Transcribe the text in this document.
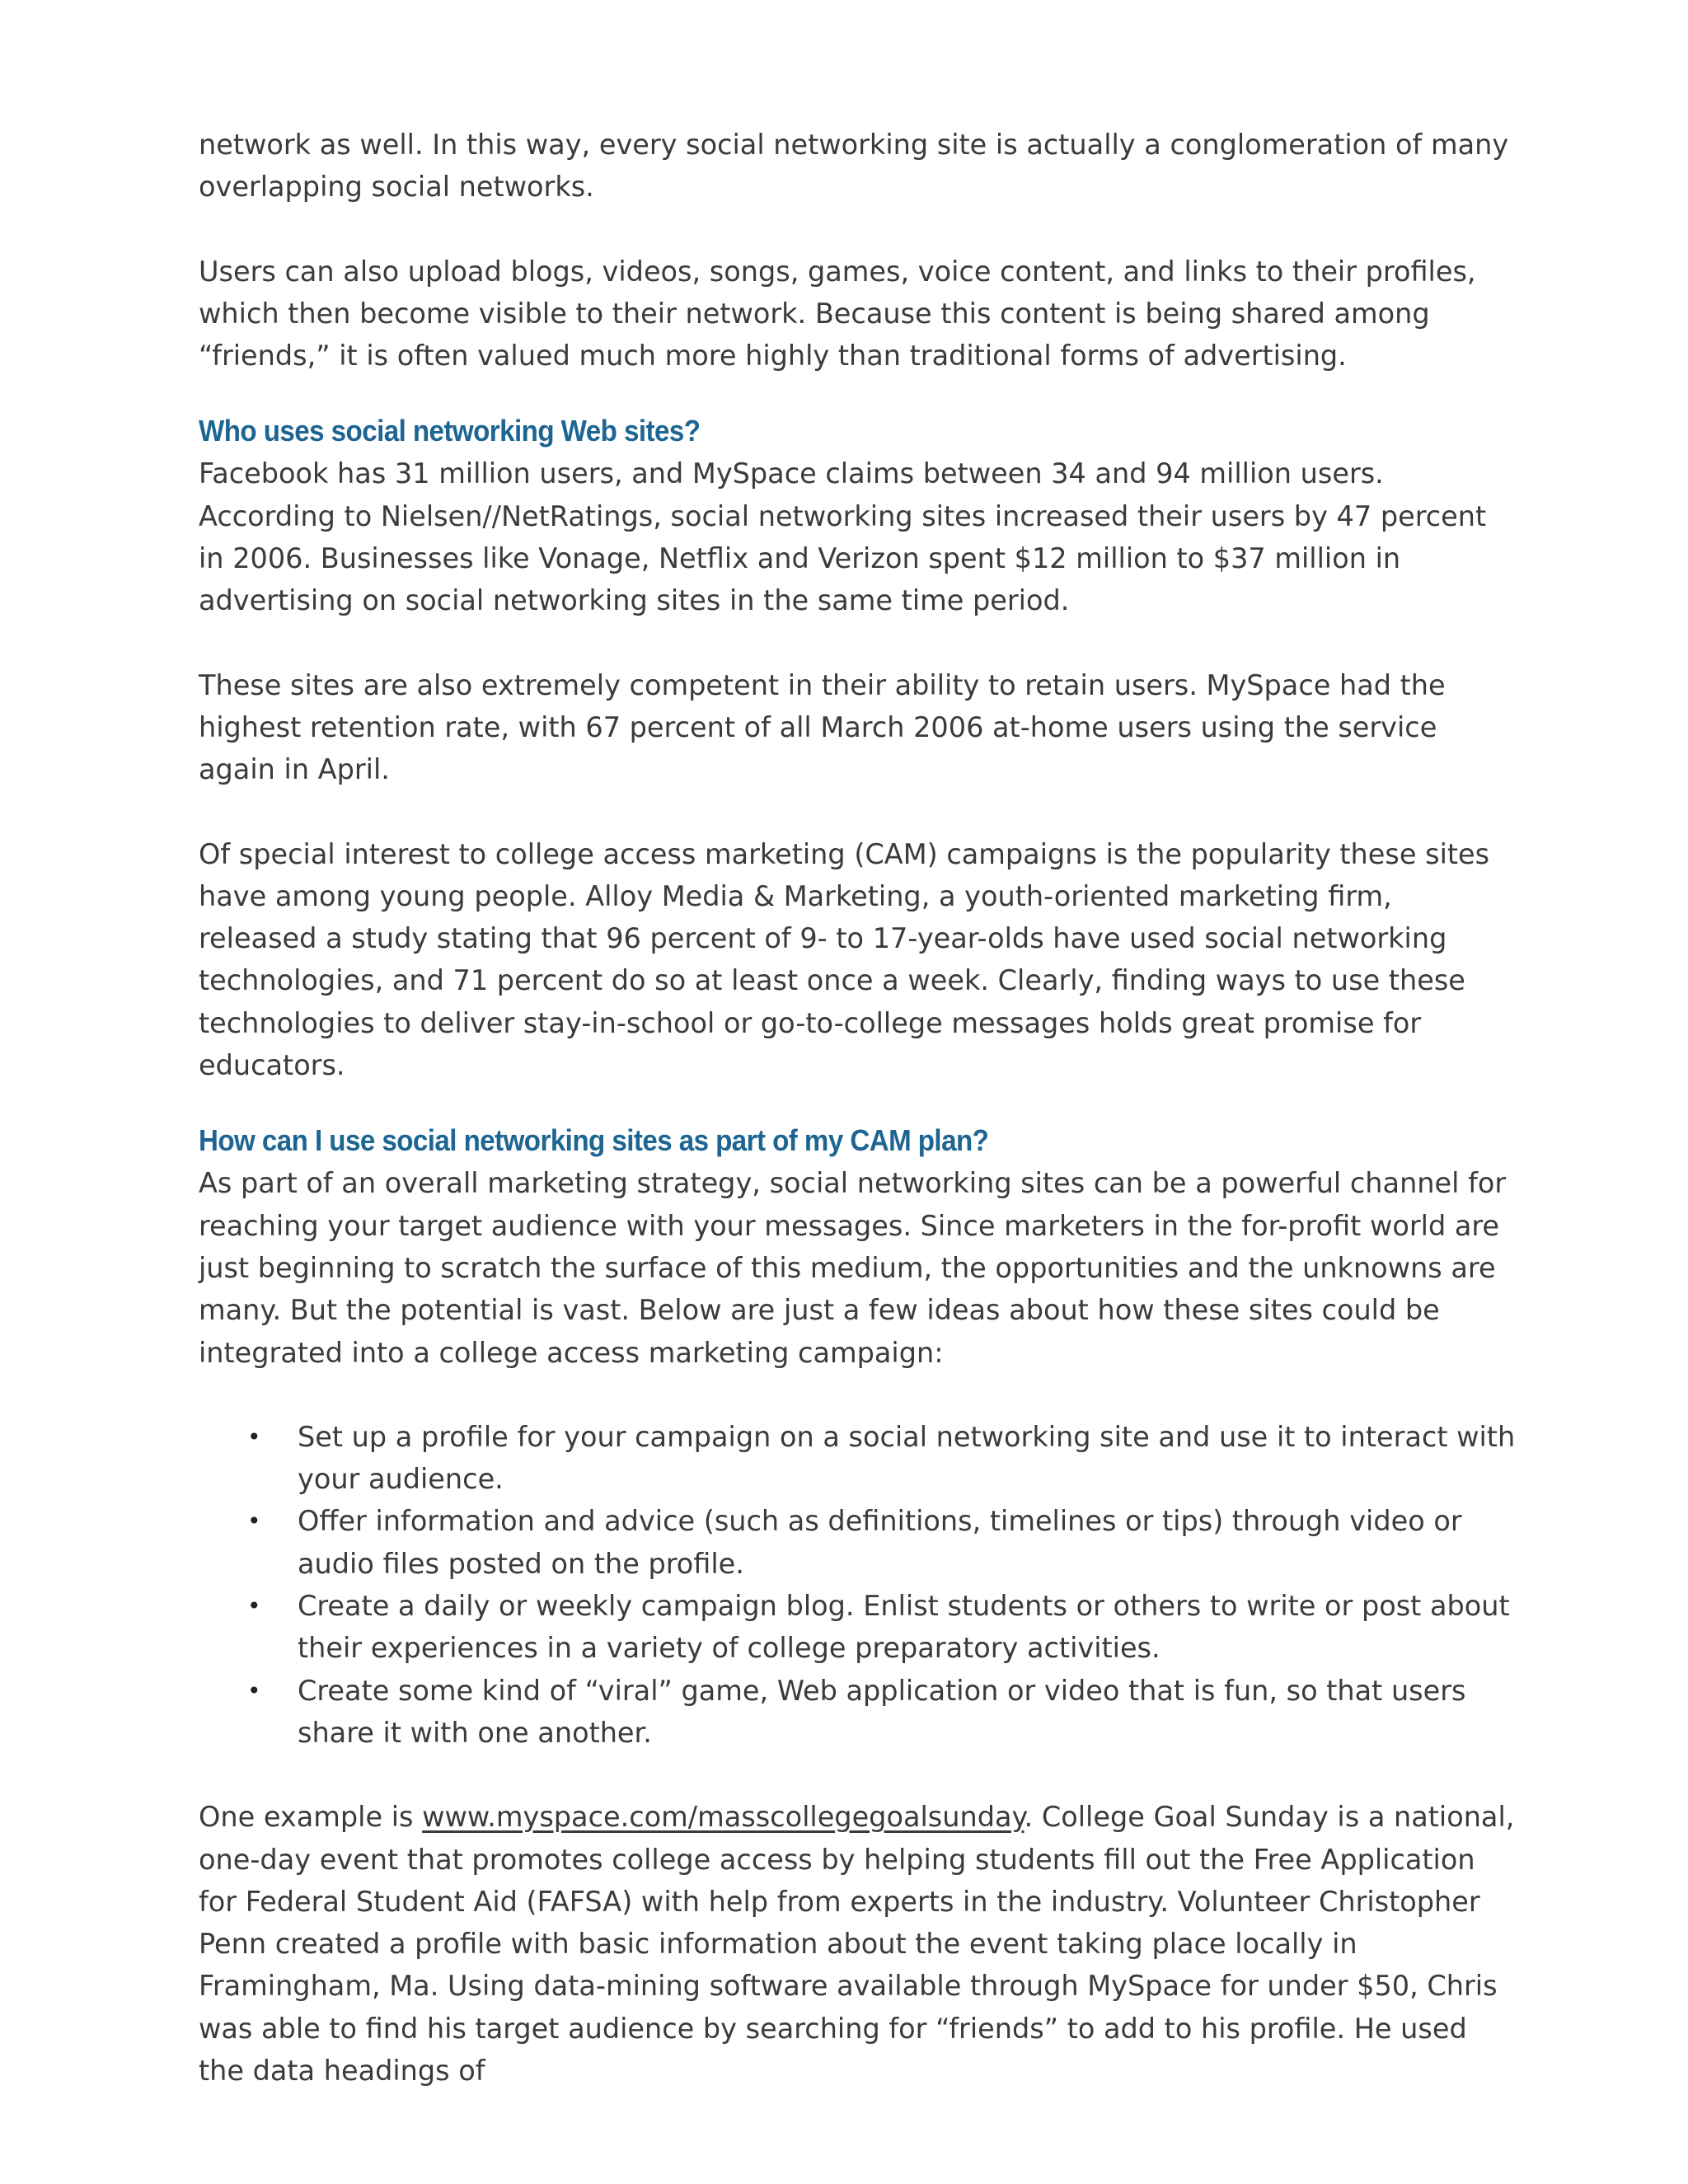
network as well. In this way, every social networking site is actually a conglomeration of many overlapping social networks.

Users can also upload blogs, videos, songs, games, voice content, and links to their profiles, which then become visible to their network. Because this content is being shared among “friends,” it is often valued much more highly than traditional forms of advertising.

Who uses social networking Web sites?

Facebook has 31 million users, and MySpace claims between 34 and 94 million users. According to Nielsen//NetRatings, social networking sites increased their users by 47 percent in 2006. Businesses like Vonage, Netflix and Verizon spent $12 million to $37 million in advertising on social networking sites in the same time period.

These sites are also extremely competent in their ability to retain users. MySpace had the highest retention rate, with 67 percent of all March 2006 at-home users using the service again in April.

Of special interest to college access marketing (CAM) campaigns is the popularity these sites have among young people. Alloy Media & Marketing, a youth-oriented marketing firm, released a study stating that 96 percent of 9- to 17-year-olds have used social networking technologies, and 71 percent do so at least once a week. Clearly, finding ways to use these technologies to deliver stay-in-school or go-to-college messages holds great promise for educators.

How can I use social networking sites as part of my CAM plan?

As part of an overall marketing strategy, social networking sites can be a powerful channel for reaching your target audience with your messages. Since marketers in the for-profit world are just beginning to scratch the surface of this medium, the opportunities and the unknowns are many. But the potential is vast. Below are just a few ideas about how these sites could be integrated into a college access marketing campaign:

• Set up a profile for your campaign on a social networking site and use it to interact with your audience.
• Offer information and advice (such as definitions, timelines or tips) through video or audio files posted on the profile.
• Create a daily or weekly campaign blog. Enlist students or others to write or post about their experiences in a variety of college preparatory activities.
• Create some kind of “viral” game, Web application or video that is fun, so that users share it with one another.

One example is www.myspace.com/masscollegegoalsunday. College Goal Sunday is a national, one-day event that promotes college access by helping students fill out the Free Application for Federal Student Aid (FAFSA) with help from experts in the industry. Volunteer Christopher Penn created a profile with basic information about the event taking place locally in Framingham, Ma. Using data-mining software available through MySpace for under $50, Chris was able to find his target audience by searching for “friends” to add to his profile. He used the data headings of
